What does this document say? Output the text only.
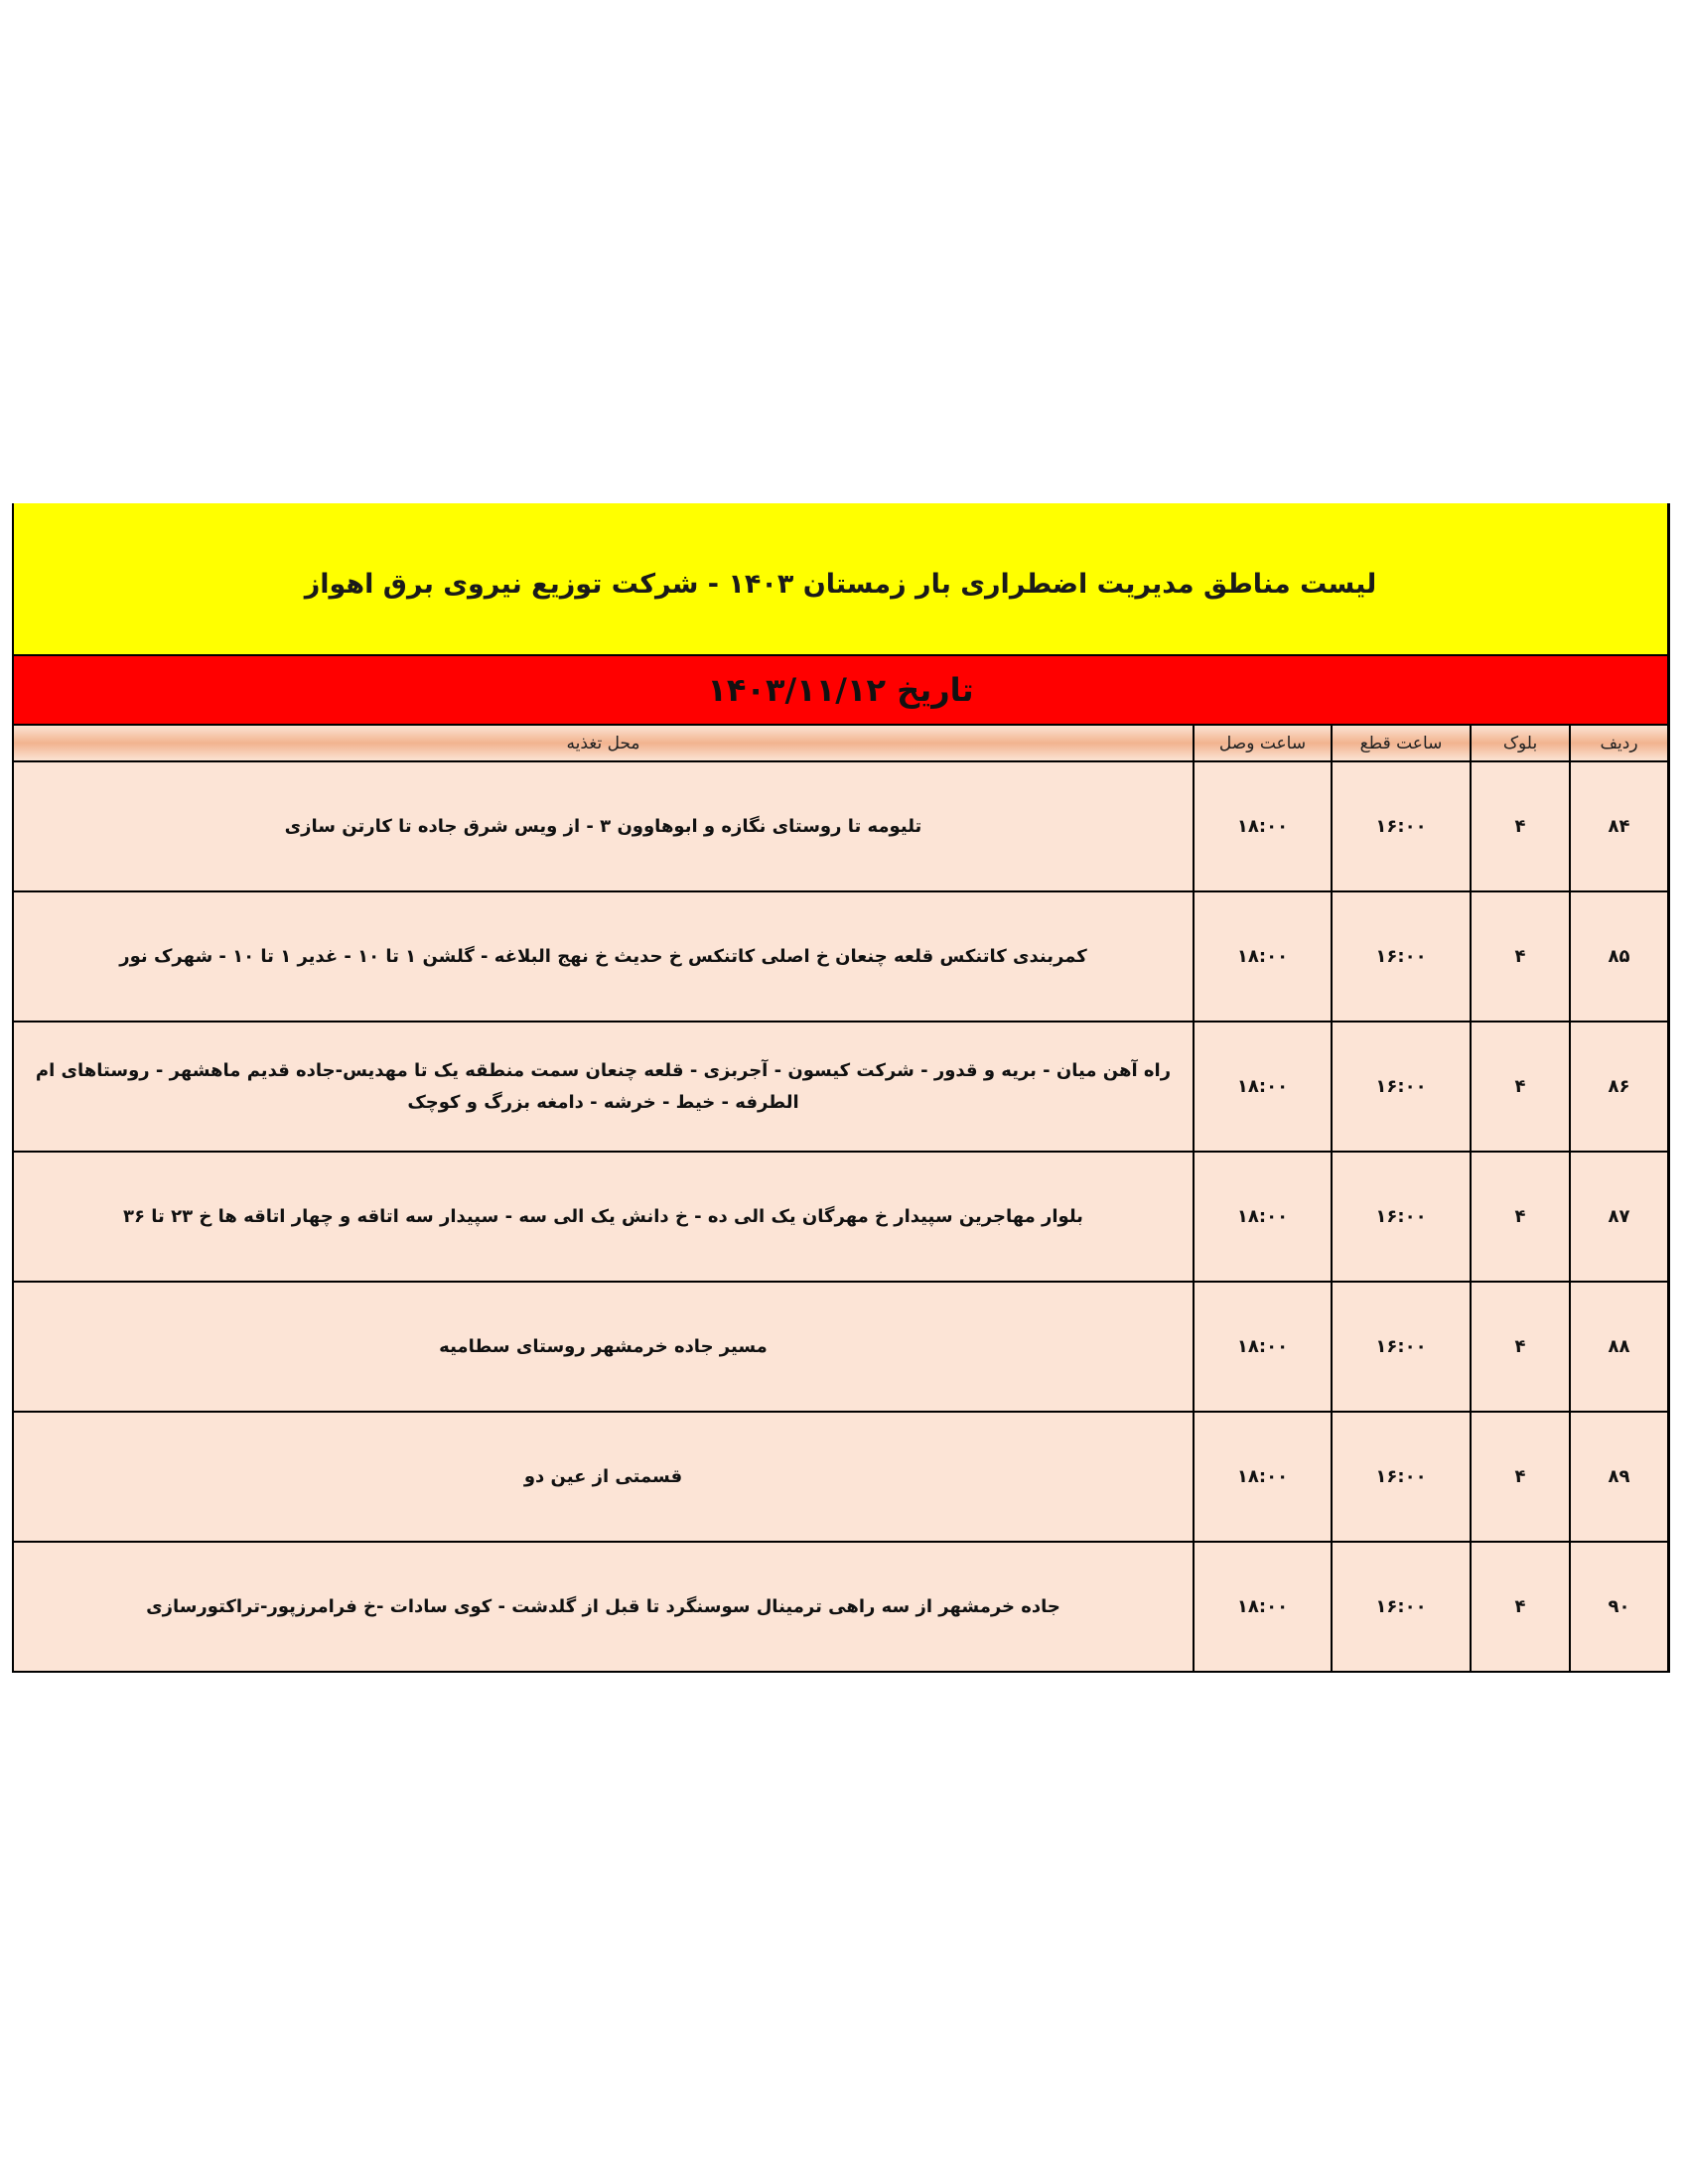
لیست مناطق مدیریت اضطراری بار زمستان ۱۴۰۳ - شرکت توزیع نیروی برق اهواز
تاریخ ۱۴۰۳/۱۱/۱۲
ردیف	بلوک	ساعت قطع	ساعت وصل	محل تغذیه
۸۴	۴	۱۶:۰۰	۱۸:۰۰	تلیومه تا روستای نگازه و ابوهاوون ۳ - از ویس شرق جاده تا کارتن سازی
۸۵	۴	۱۶:۰۰	۱۸:۰۰	کمربندی کاتنکس قلعه چنعان خ اصلی کاتنکس خ حدیث خ نهج البلاغه - گلشن ۱ تا ۱۰ - غدیر ۱ تا ۱۰ - شهرک نور
۸۶	۴	۱۶:۰۰	۱۸:۰۰	راه آهن میان - بریه و قدور - شرکت کیسون - آجربزی - قلعه چنعان سمت منطقه یک تا مهدیس-جاده قدیم ماهشهر - روستاهای ام الطرفه - خیط - خرشه - دامغه بزرگ و کوچک
۸۷	۴	۱۶:۰۰	۱۸:۰۰	بلوار مهاجرین سپیدار خ مهرگان یک الی ده - خ دانش یک الی سه - سپیدار سه اتاقه و چهار اتاقه ها خ ۲۳ تا ۳۶
۸۸	۴	۱۶:۰۰	۱۸:۰۰	مسیر جاده خرمشهر روستای سطامیه
۸۹	۴	۱۶:۰۰	۱۸:۰۰	قسمتی از عین دو
۹۰	۴	۱۶:۰۰	۱۸:۰۰	جاده خرمشهر از سه راهی ترمینال سوسنگرد تا قبل از گلدشت - کوی سادات -خ فرامرزپور-تراکتورسازی
